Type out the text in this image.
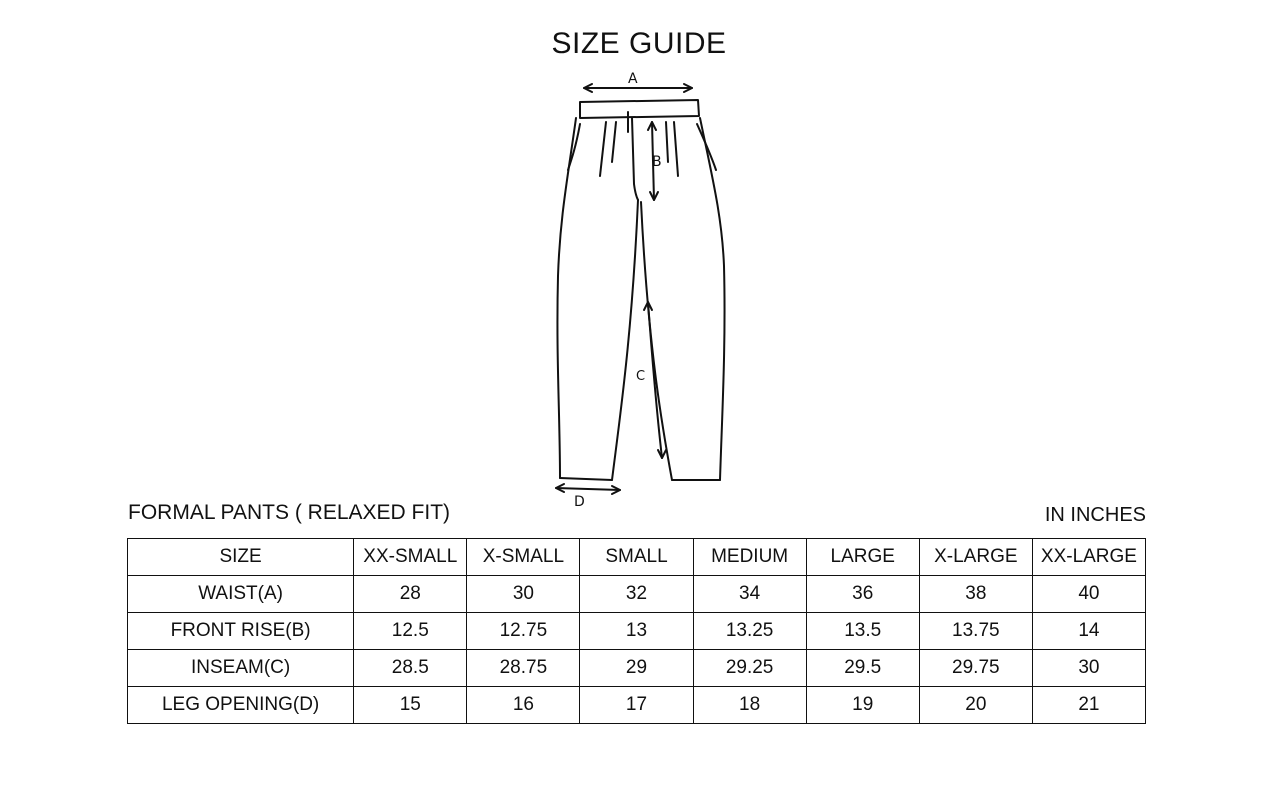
SIZE GUIDE
A
B
C
D
FORMAL PANTS ( RELAXED FIT)	IN INCHES
SIZE	XX-SMALL	X-SMALL	SMALL	MEDIUM	LARGE	X-LARGE	XX-LARGE
WAIST(A)	28	30	32	34	36	38	40
FRONT RISE(B)	12.5	12.75	13	13.25	13.5	13.75	14
INSEAM(C)	28.5	28.75	29	29.25	29.5	29.75	30
LEG OPENING(D)	15	16	17	18	19	20	21
